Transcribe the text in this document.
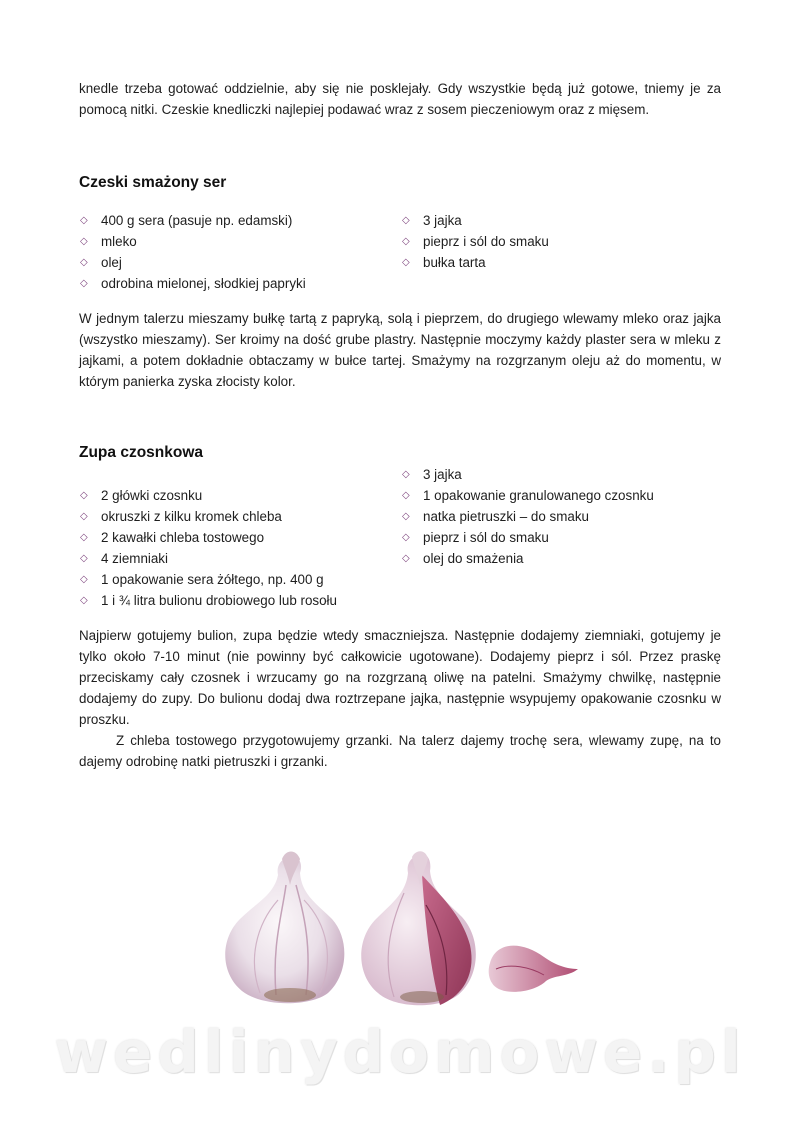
knedle trzeba gotować oddzielnie, aby się nie posklejały. Gdy wszystkie będą już gotowe, tniemy je za pomocą nitki. Czeskie knedliczki najlepiej podawać wraz z sosem pieczeniowym oraz z mięsem.

Czeski smażony ser
◇ 400 g sera (pasuje np. edamski)
◇ mleko
◇ olej
◇ odrobina mielonej, słodkiej papryki
◇ 3 jajka
◇ pieprz i sól do smaku
◇ bułka tarta

W jednym talerzu mieszamy bułkę tartą z papryką, solą i pieprzem, do drugiego wlewamy mleko oraz jajka (wszystko mieszamy). Ser kroimy na dość grube plastry. Następnie moczymy każdy plaster sera w mleku z jajkami, a potem dokładnie obtaczamy w bułce tartej. Smażymy na rozgrzanym oleju aż do momentu, w którym panierka zyska złocisty kolor.

Zupa czosnkowa
◇ 2 główki czosnku
◇ okruszki z kilku kromek chleba
◇ 2 kawałki chleba tostowego
◇ 4 ziemniaki
◇ 1 opakowanie sera żółtego, np. 400 g
◇ 1 i ¾ litra bulionu drobiowego lub rosołu
◇ 3 jajka
◇ 1 opakowanie granulowanego czosnku
◇ natka pietruszki – do smaku
◇ pieprz i sól do smaku
◇ olej do smażenia

Najpierw gotujemy bulion, zupa będzie wtedy smaczniejsza. Następnie dodajemy ziemniaki, gotujemy je tylko około 7-10 minut (nie powinny być całkowicie ugotowane). Dodajemy pieprz i sól. Przez praskę przeciskamy cały czosnek i wrzucamy go na rozgrzaną oliwę na patelni. Smażymy chwilkę, następnie dodajemy do zupy. Do bulionu dodaj dwa roztrzepane jajka, następnie wsypujemy opakowanie czosnku w proszku.

Z chleba tostowego przygotowujemy grzanki. Na talerz dajemy trochę sera, wlewamy zupę, na to dajemy odrobinę natki pietruszki i grzanki.

wedlinydomowe.pl
